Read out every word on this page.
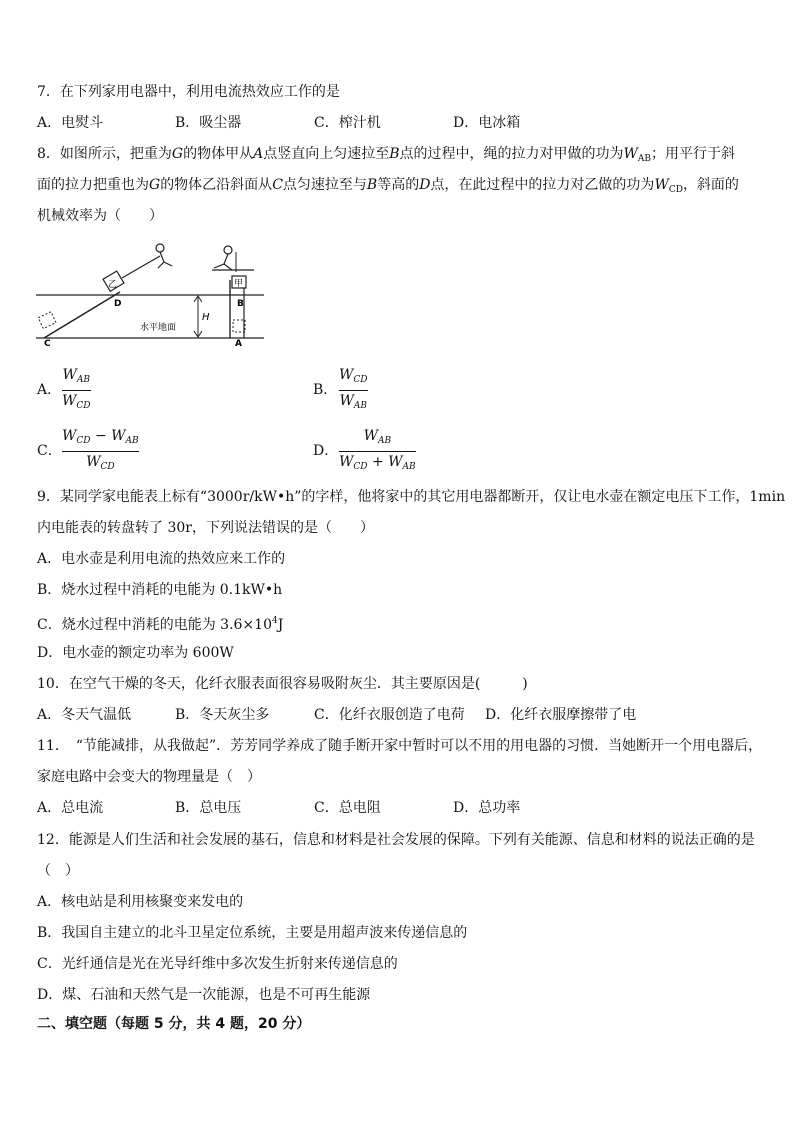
7．在下列家用电器中，利用电流热效应工作的是
A．电熨斗	B．吸尘器	C．榨汁机	D．电冰箱
8．如图所示，把重为G的物体甲从A点竖直向上匀速拉至B点的过程中，绳的拉力对甲做的功为$W_{AB}$；用平行于斜
面的拉力把重也为G的物体乙沿斜面从C点匀速拉至与B等高的D点，在此过程中的拉力对乙做的功为$W_{CD}$，斜面的
机械效率为（　　）
乙	甲
H
D	B
C	A
水平地面
A．
$W_{AB}$
$W_{CD}$
B．
$W_{CD}$
$W_{AB}$
C．
$W_{CD} - W_{AB}$
$W_{CD}$
D．
$W_{AB}$
$W_{CD} + W_{AB}$
9．某同学家电能表上标有“3000r/kW•h”的字样，他将家中的其它用电器都断开，仅让电水壶在额定电压下工作，1min
内电能表的转盘转了 30r，下列说法错误的是（　　）
A．电水壶是利用电流的热效应来工作的
B．烧水过程中消耗的电能为 0.1kW•h
C．烧水过程中消耗的电能为 $3.6\times 10^4J$
D．电水壶的额定功率为 600W
10．在空气干燥的冬天，化纤衣服表面很容易吸附灰尘．其主要原因是(　　　)
A．冬天气温低	B．冬天灰尘多	C．化纤衣服创造了电荷 D．化纤衣服摩擦带了电
11．　“节能减排，从我做起”．芳芳同学养成了随手断开家中暂时可以不用的用电器的习惯．当她断开一个用电器后，
家庭电路中会变大的物理量是（　）
A．总电流	B．总电压	C．总电阻	D．总功率
12．能源是人们生活和社会发展的基石，信息和材料是社会发展的保障。下列有关能源、信息和材料的说法正确的是
（　）
A．核电站是利用核聚变来发电的
B．我国自主建立的北斗卫星定位系统，主要是用超声波来传递信息的
C．光纤通信是光在光导纤维中多次发生折射来传递信息的
D．煤、石油和天然气是一次能源，也是不可再生能源
二、填空题（每题 5 分，共 4 题，20 分）
